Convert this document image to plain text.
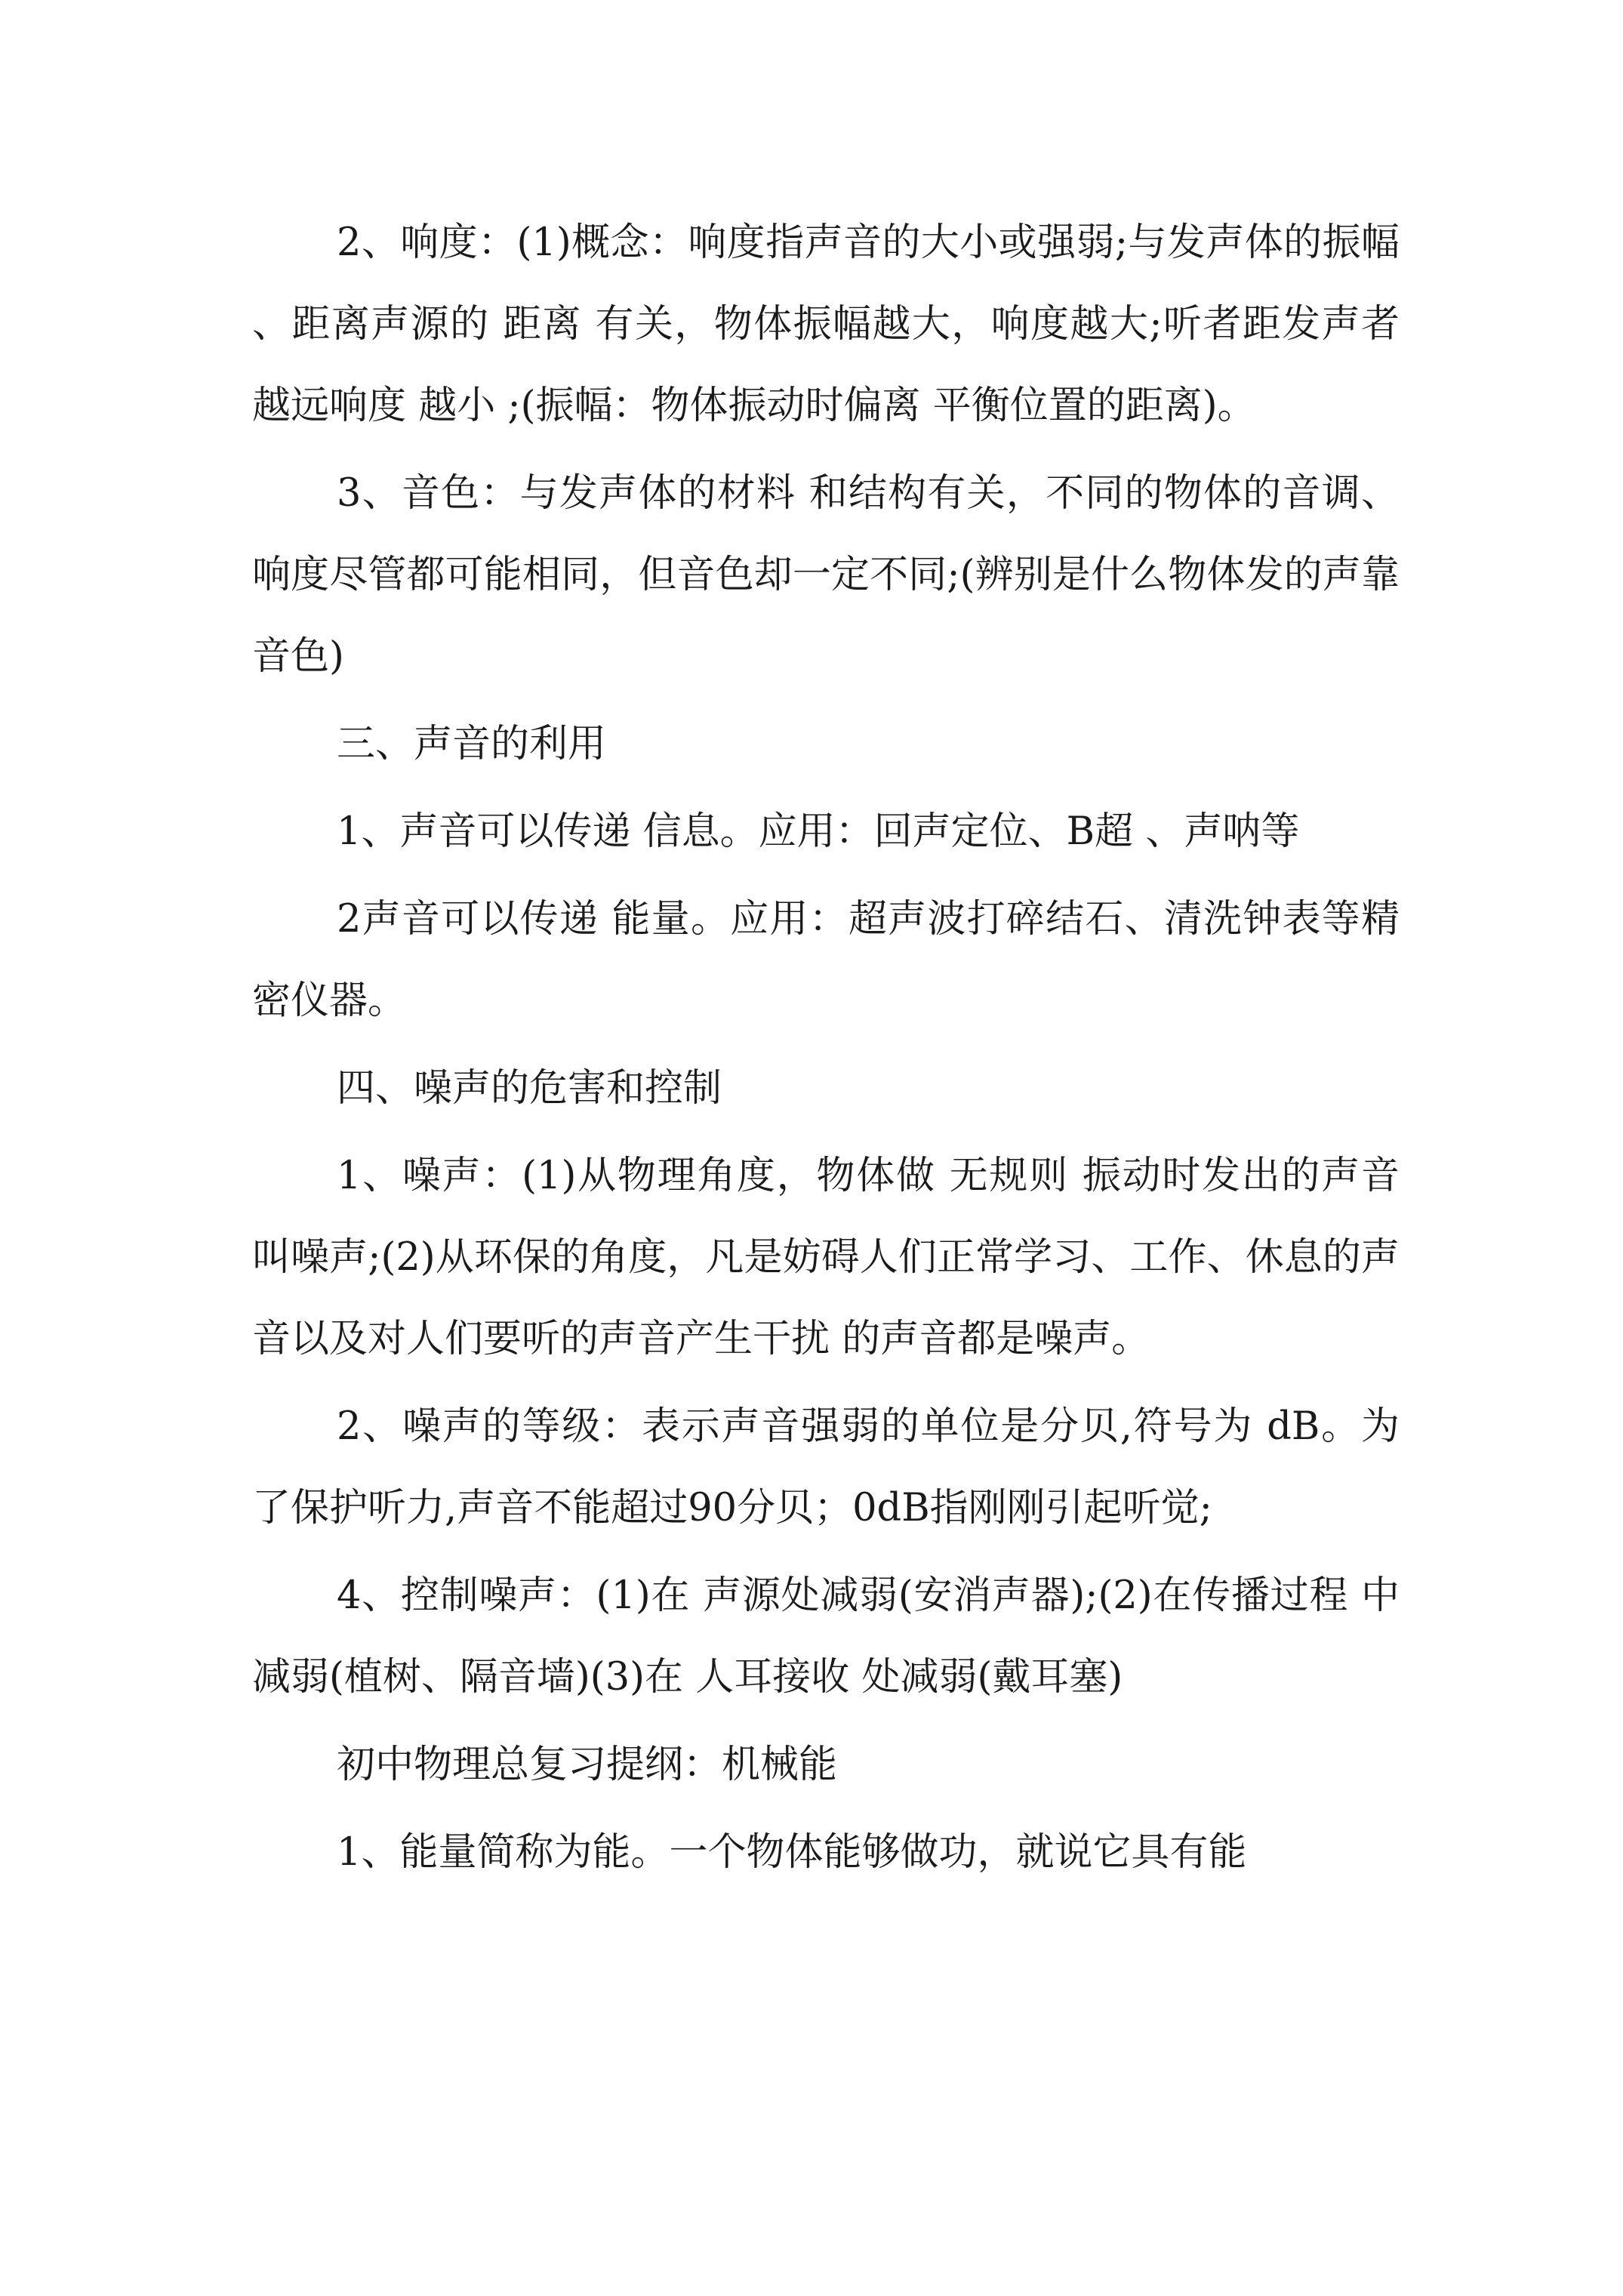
2、响度：(1)概念：响度指声音的大小或强弱;与发声体的振幅 、距离声源的 距离 有关，物体振幅越大，响度越大;听者距发声者越远响度 越小 ;(振幅：物体振动时偏离 平衡位置的距离)。

3、音色：与发声体的材料 和结构有关，不同的物体的音调、响度尽管都可能相同，但音色却一定不同;(辨别是什么物体发的声靠音色)

三、声音的利用

1、声音可以传递 信息。应用：回声定位、B超 、声呐等

2声音可以传递 能量。应用：超声波打碎结石、清洗钟表等精密仪器。

四、噪声的危害和控制

1、噪声：(1)从物理角度，物体做 无规则 振动时发出的声音叫噪声;(2)从环保的角度，凡是妨碍人们正常学习、工作、休息的声音以及对人们要听的声音产生干扰 的声音都是噪声。

2、噪声的等级：表示声音强弱的单位是分贝,符号为 dB。为了保护听力,声音不能超过90分贝；0dB指刚刚引起听觉;

4、控制噪声：(1)在 声源处减弱(安消声器);(2)在传播过程 中减弱(植树、隔音墙)(3)在 人耳接收 处减弱(戴耳塞)

初中物理总复习提纲：机械能

1、能量简称为能。一个物体能够做功，就说它具有能
